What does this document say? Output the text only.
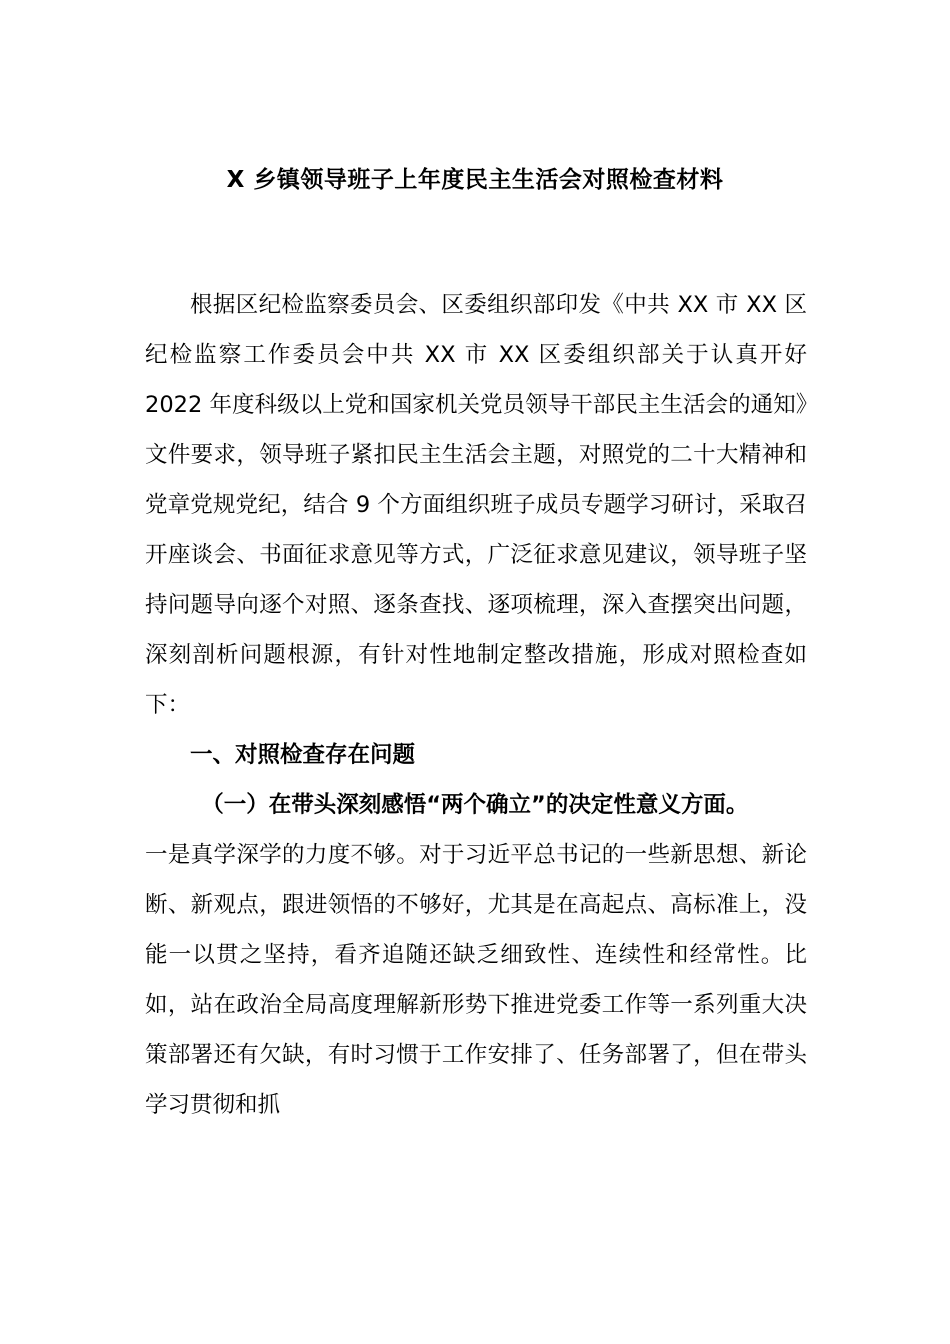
X 乡镇领导班子上年度民主生活会对照检查材料

根据区纪检监察委员会、区委组织部印发《中共 XX 市 XX 区纪检监察工作委员会中共 XX 市 XX 区委组织部关于认真开好 2022 年度科级以上党和国家机关党员领导干部民主生活会的通知》文件要求，领导班子紧扣民主生活会主题，对照党的二十大精神和党章党规党纪，结合 9 个方面组织班子成员专题学习研讨，采取召开座谈会、书面征求意见等方式，广泛征求意见建议，领导班子坚持问题导向逐个对照、逐条查找、逐项梳理，深入查摆突出问题，深刻剖析问题根源，有针对性地制定整改措施，形成对照检查如下：

一、对照检查存在问题

（一）在带头深刻感悟“两个确立”的决定性意义方面。

一是真学深学的力度不够。对于习近平总书记的一些新思想、新论断、新观点，跟进领悟的不够好，尤其是在高起点、高标准上，没能一以贯之坚持，看齐追随还缺乏细致性、连续性和经常性。比如，站在政治全局高度理解新形势下推进党委工作等一系列重大决策部署还有欠缺，有时习惯于工作安排了、任务部署了，但在带头学习贯彻和抓
